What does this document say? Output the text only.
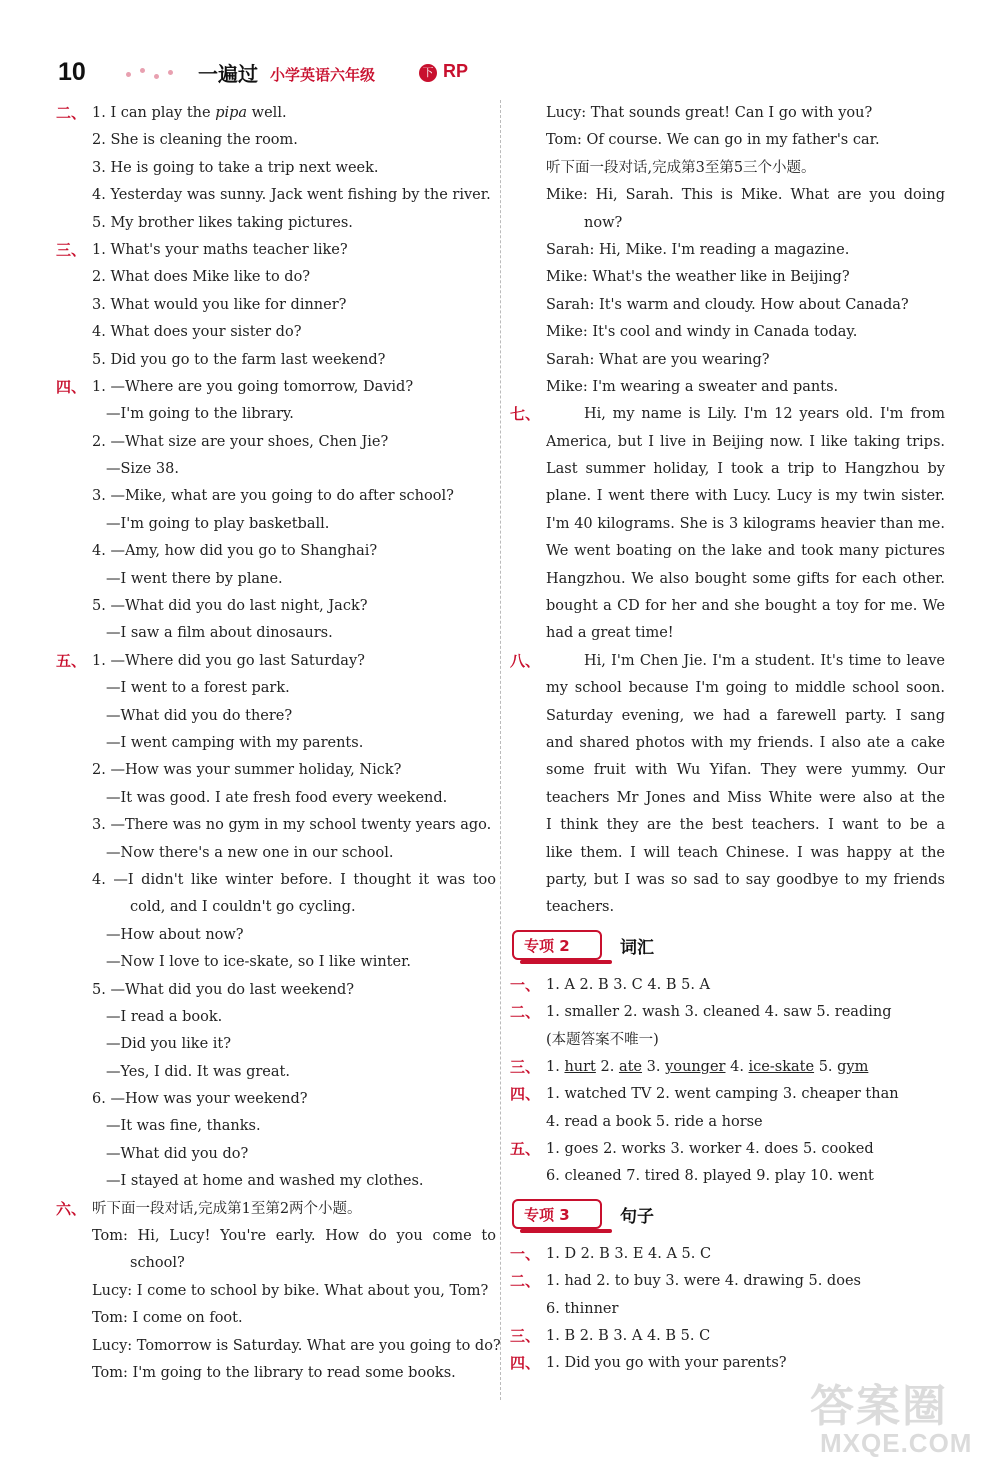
10	一遍过 小学英语六年级	下 RP
二、 1. I can play the pipa well.
2. She is cleaning the room.
3. He is going to take a trip next week.
4. Yesterday was sunny. Jack went fishing by the river.
5. My brother likes taking pictures.
三、 1. What's your maths teacher like?
2. What does Mike like to do?
3. What would you like for dinner?
4. What does your sister do?
5. Did you go to the farm last weekend?
四、 1. —Where are you going tomorrow, David?
—I'm going to the library.
2. —What size are your shoes, Chen Jie?
—Size 38.
3. —Mike, what are you going to do after school?
—I'm going to play basketball.
4. —Amy, how did you go to Shanghai?
—I went there by plane.
5. —What did you do last night, Jack?
—I saw a film about dinosaurs.
五、 1. —Where did you go last Saturday?
—I went to a forest park.
—What did you do there?
—I went camping with my parents.
2. —How was your summer holiday, Nick?
—It was good. I ate fresh food every weekend.
3. —There was no gym in my school twenty years ago.
—Now there's a new one in our school.
4. —I didn't like winter before. I thought it was too
cold, and I couldn't go cycling.
—How about now?
—Now I love to ice-skate, so I like winter.
5. —What did you do last weekend?
—I read a book.
—Did you like it?
—Yes, I did. It was great.
6. —How was your weekend?
—It was fine, thanks.
—What did you do?
—I stayed at home and washed my clothes.
六、 听下面一段对话,完成第1至第2两个小题。
Tom: Hi, Lucy! You're early. How do you come to
school?
Lucy: I come to school by bike. What about you, Tom?
Tom: I come on foot.
Lucy: Tomorrow is Saturday. What are you going to do?
Tom: I'm going to the library to read some books.
Lucy: That sounds great! Can I go with you?
Tom: Of course. We can go in my father's car.
听下面一段对话,完成第3至第5三个小题。
Mike: Hi, Sarah. This is Mike. What are you doing
now?
Sarah: Hi, Mike. I'm reading a magazine.
Mike: What's the weather like in Beijing?
Sarah: It's warm and cloudy. How about Canada?
Mike: It's cool and windy in Canada today.
Sarah: What are you wearing?
Mike: I'm wearing a sweater and pants.
七、	Hi, my name is Lily. I'm 12 years old. I'm from
America, but I live in Beijing now. I like taking trips.
Last summer holiday, I took a trip to Hangzhou by
plane. I went there with Lucy. Lucy is my twin sister.
I'm 40 kilograms. She is 3 kilograms heavier than me.
We went boating on the lake and took many pictures
Hangzhou. We also bought some gifts for each other.
bought a CD for her and she bought a toy for me. We
had a great time!
八、	Hi, I'm Chen Jie. I'm a student. It's time to leave
my school because I'm going to middle school soon.
Saturday evening, we had a farewell party. I sang
and shared photos with my friends. I also ate a cake
some fruit with Wu Yifan. They were yummy. Our
teachers Mr Jones and Miss White were also at the
I think they are the best teachers. I want to be a
like them. I will teach Chinese. I was happy at the
party, but I was so sad to say goodbye to my friends
teachers.
专项 2	词汇
一、 1. A 2. B 3. C 4. B 5. A
二、 1. smaller 2. wash 3. cleaned 4. saw 5. reading
(本题答案不唯一)
三、 1. hurt 2. ate 3. younger 4. ice-skate 5. gym
四、 1. watched TV 2. went camping 3. cheaper than
4. read a book 5. ride a horse
五、 1. goes 2. works 3. worker 4. does 5. cooked
6. cleaned 7. tired 8. played 9. play 10. went
专项 3	句子
一、 1. D 2. B 3. E 4. A 5. C
二、 1. had 2. to buy 3. were 4. drawing 5. does
6. thinner
三、 1. B 2. B 3. A 4. B 5. C
四、 1. Did you go with your parents?
答案圈
MXQE.COM
